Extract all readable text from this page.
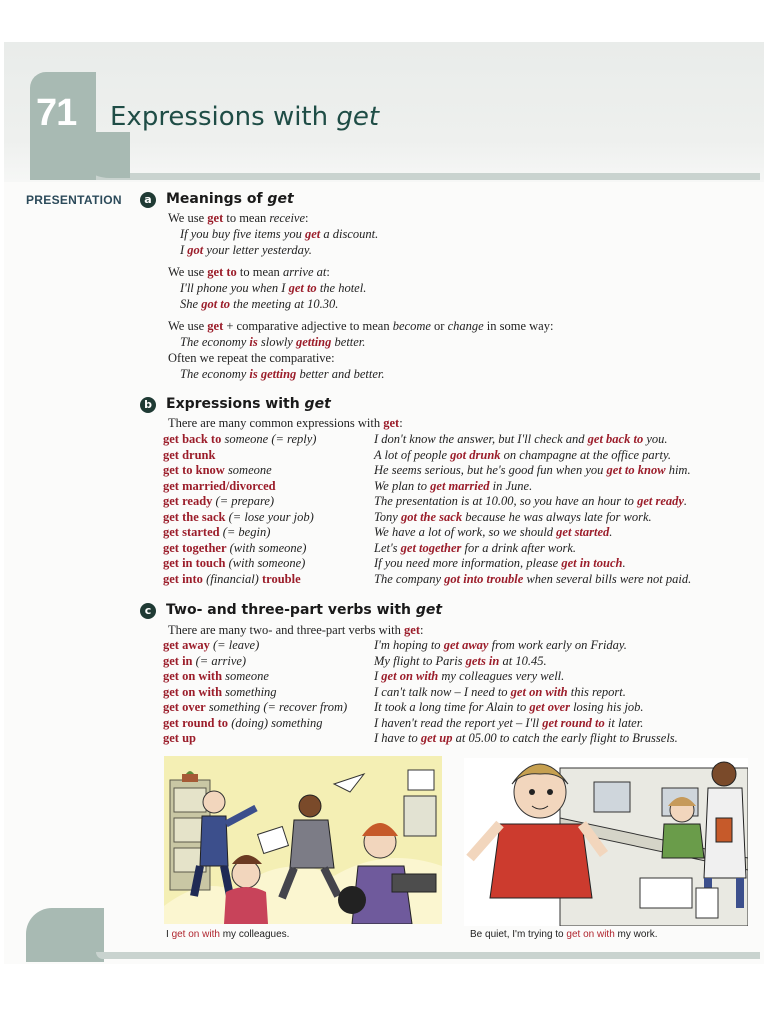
71 Expressions with get
PRESENTATION	a	Meanings of get
We use get to mean receive:
If you buy five items you get a discount.
I got your letter yesterday.
We use get to to mean arrive at:
I'll phone you when I get to the hotel.
She got to the meeting at 10.30.
We use get + comparative adjective to mean become or change in some way:
The economy is slowly getting better.
Often we repeat the comparative:
The economy is getting better and better.
b Expressions with get
There are many common expressions with get:
get back to someone (= reply)	I don't know the answer, but I'll check and get back to you.
get drunk	A lot of people got drunk on champagne at the office party.
get to know someone	He seems serious, but he's good fun when you get to know him.
get married/divorced	We plan to get married in June.
get ready (= prepare)	The presentation is at 10.00, so you have an hour to get ready.
get the sack (= lose your job)	Tony got the sack because he was always late for work.
get started (= begin)	We have a lot of work, so we should get started.
get together (with someone)	Let's get together for a drink after work.
get in touch (with someone)	If you need more information, please get in touch.
get into (financial) trouble	The company got into trouble when several bills were not paid.
c	Two- and three-part verbs with get
There are many two- and three-part verbs with get:
get away (= leave)	I'm hoping to get away from work early on Friday.
get in (= arrive)	My flight to Paris gets in at 10.45.
get on with someone	I get on with my colleagues very well.
get on with something	I can't talk now – I need to get on with this report.
get over something (= recover from) It took a long time for Alain to get over losing his job.
get round to (doing) something	I haven't read the report yet – I'll get round to it later.
get up	I have to get up at 05.00 to catch the early flight to Brussels.
I get on with my colleagues.	Be quiet, I'm trying to get on with my work.
